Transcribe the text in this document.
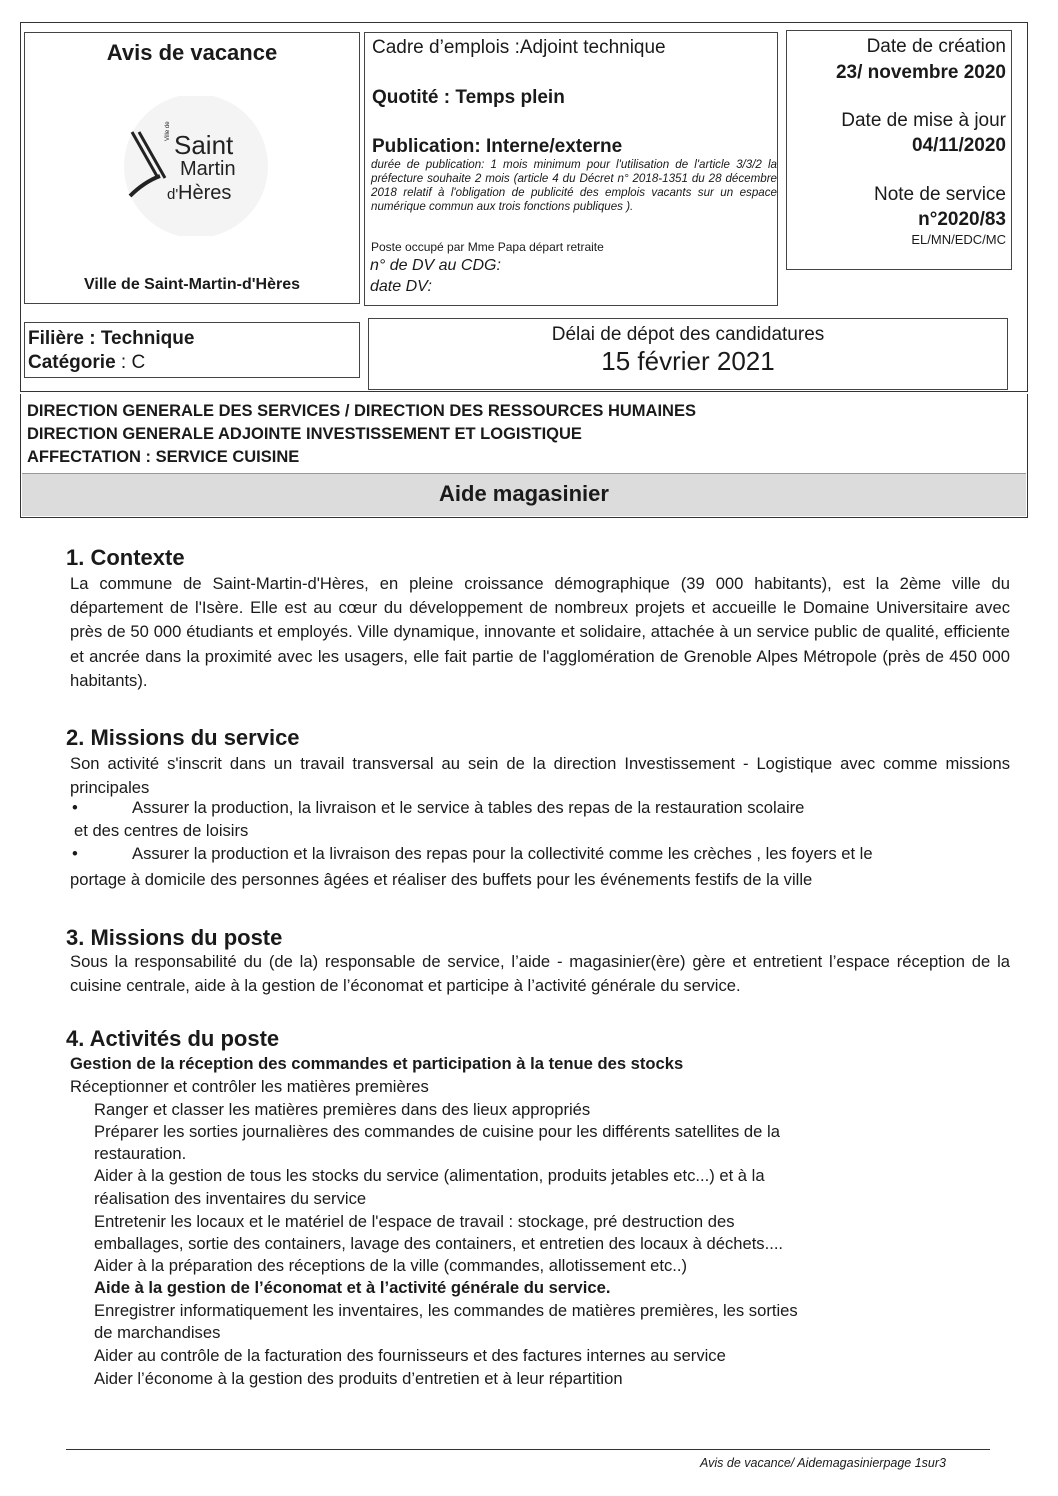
Avis de vacance
Ville de Saint
Martin
d' Hères
Ville de Saint-Martin-d'Hères
Cadre d’emplois :Adjoint technique
Quotité : Temps plein
Publication: Interne/externe
durée de publication: 1 mois minimum pour l'utilisation de l'article 3/3/2 la préfecture souhaite 2 mois (article 4 du Décret n° 2018-1351 du 28 décembre 2018 relatif à l'obligation de publicité des emplois vacants sur un espace numérique commun aux trois fonctions publiques ).
Poste occupé par Mme Papa départ retraite
n° de DV au CDG:
date DV:
Date de création
23/ novembre 2020
Date de mise à jour
04/11/2020
Note de service
n°2020/83
EL/MN/EDC/MC
Filière : Technique
Catégorie : C
Délai de dépot des candidatures
15 février 2021
DIRECTION GENERALE DES SERVICES / DIRECTION DES RESSOURCES HUMAINES
DIRECTION GENERALE ADJOINTE INVESTISSEMENT ET LOGISTIQUE
AFFECTATION : SERVICE CUISINE
Aide magasinier
1. Contexte
La commune de Saint-Martin-d'Hères, en pleine croissance démographique (39 000 habitants), est la 2ème ville du département de l'Isère. Elle est au cœur du développement de nombreux projets et accueille le Domaine Universitaire avec près de 50 000 étudiants et employés. Ville dynamique, innovante et solidaire, attachée à un service public de qualité, efficiente et ancrée dans la proximité avec les usagers, elle fait partie de l'agglomération de Grenoble Alpes Métropole (près de 450 000 habitants).
2. Missions du service
Son activité s'inscrit dans un travail transversal au sein de la direction Investissement - Logistique avec comme missions principales
•	Assurer la production, la livraison et le service à tables des repas de la restauration scolaire
et des centres de loisirs
•	Assurer la production et la livraison des repas pour la collectivité comme les crèches , les foyers et le
portage à domicile des personnes âgées et réaliser des buffets pour les événements festifs de la ville
3. Missions du poste
Sous la responsabilité du (de la) responsable de service, l’aide - magasinier(ère) gère et entretient l’espace réception de la cuisine centrale, aide à la gestion de l’économat et participe à l’activité générale du service.
4. Activités du poste
Gestion de la réception des commandes et participation à la tenue des stocks
Réceptionner et contrôler les matières premières
Ranger et classer les matières premières dans des lieux appropriés
Préparer les sorties journalières des commandes de cuisine pour les différents satellites de la
restauration.
Aider à la gestion de tous les stocks du service (alimentation, produits jetables etc...) et à la
réalisation des inventaires du service
Entretenir les locaux et le matériel de l'espace de travail : stockage, pré destruction des
emballages, sortie des containers, lavage des containers, et entretien des locaux à déchets....
Aider à la préparation des réceptions de la ville (commandes, allotissement etc..)
Aide à la gestion de l’économat et à l’activité générale du service.
Enregistrer informatiquement les inventaires, les commandes de matières premières, les sorties
de marchandises
Aider au contrôle de la facturation des fournisseurs et des factures internes au service
Aider l’économe à la gestion des produits d’entretien et à leur répartition
Avis de vacance/ Aidemagasinierpage 1sur3
